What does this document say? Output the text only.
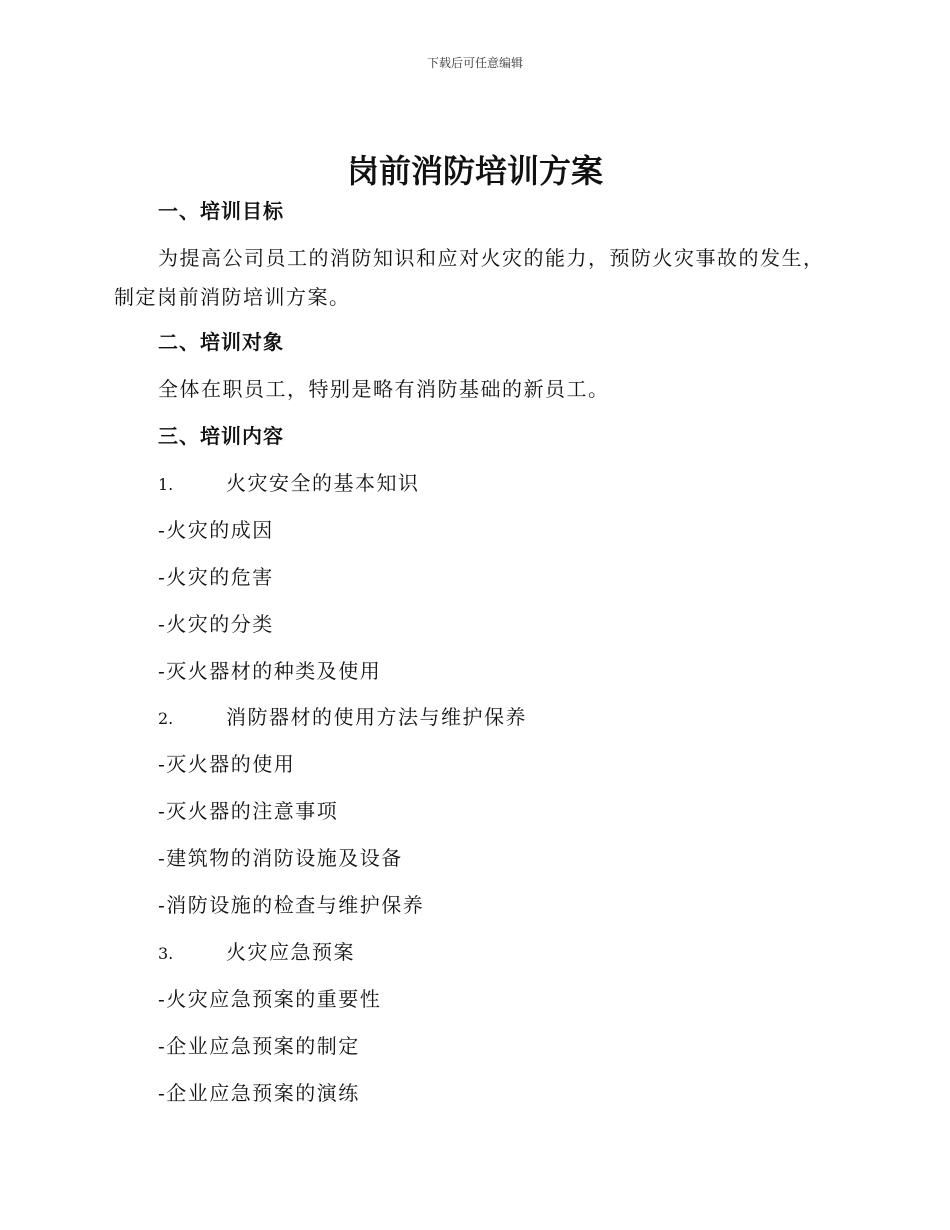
下载后可任意编辑
岗前消防培训方案
一、培训目标
为提高公司员工的消防知识和应对火灾的能力，预防火灾事故的发生，制定岗前消防培训方案。
二、培训对象
全体在职员工，特别是略有消防基础的新员工。
三、培训内容
1.	火灾安全的基本知识
-火灾的成因
-火灾的危害
-火灾的分类
-灭火器材的种类及使用
2.	消防器材的使用方法与维护保养
-灭火器的使用
-灭火器的注意事项
-建筑物的消防设施及设备
-消防设施的检查与维护保养
3.	火灾应急预案
-火灾应急预案的重要性
-企业应急预案的制定
-企业应急预案的演练
